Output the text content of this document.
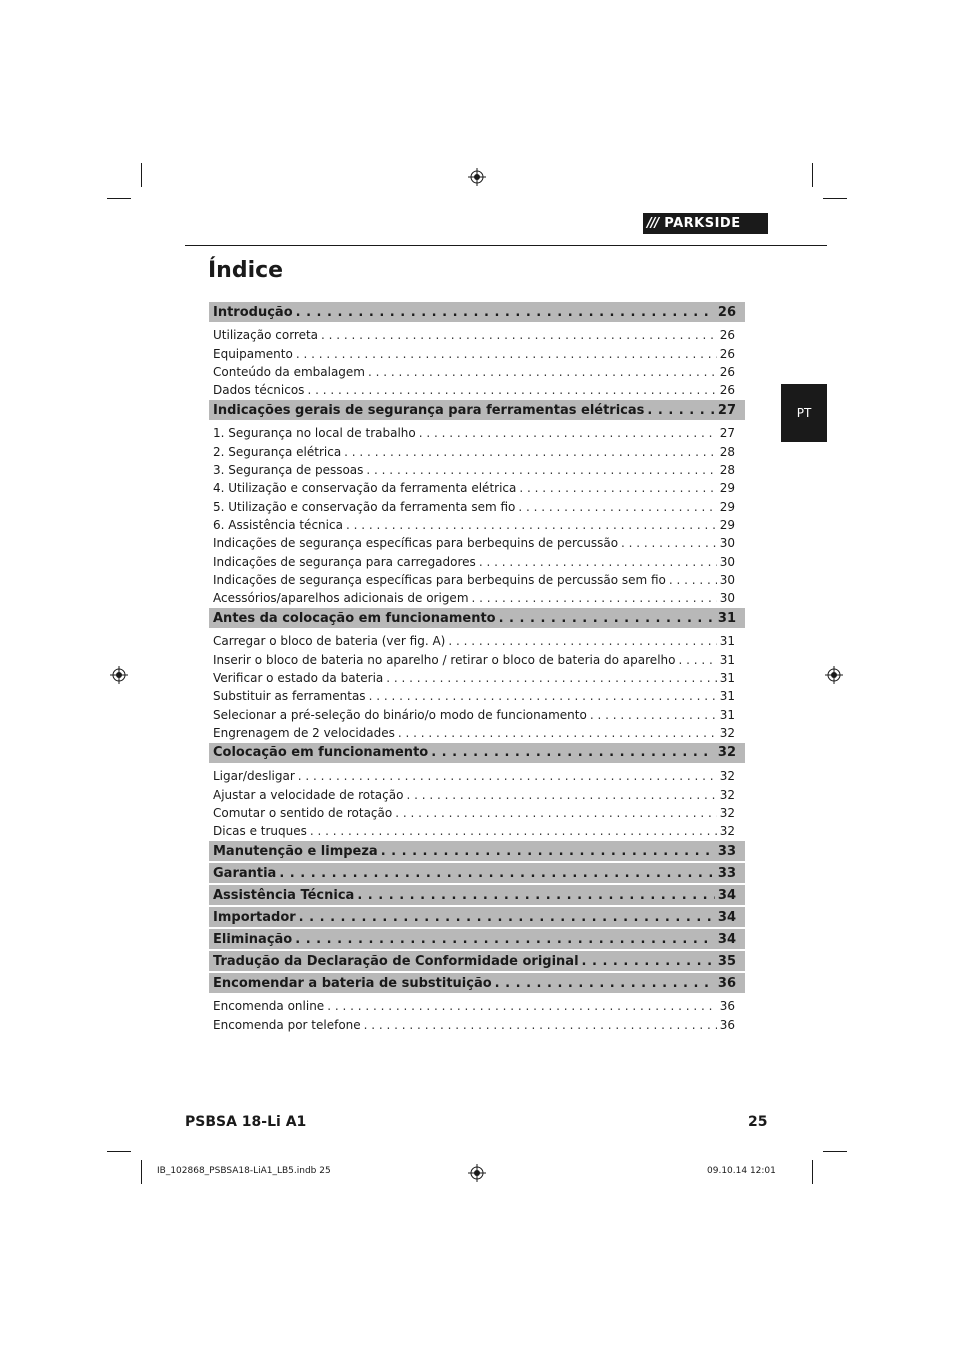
/// PARKSIDE
Índice
PT
Introdução . . .	26
Utilização correta . . .	26
Equipamento . . .	26
Conteúdo da embalagem . . .	26
Dados técnicos . . .	26
Indicações gerais de segurança para ferramentas elétricas . . .	27
1. Segurança no local de trabalho . . .	27
2. Segurança elétrica . . .	28
3. Segurança de pessoas . . .	28
4. Utilização e conservação da ferramenta elétrica . . .	29
5. Utilização e conservação da ferramenta sem fio . . .	29
6. Assistência técnica . . .	29
Indicações de segurança específicas para berbequins de percussão . . .	30
Indicações de segurança para carregadores . . .	30
Indicações de segurança específicas para berbequins de percussão sem fio . . .	30
Acessórios/aparelhos adicionais de origem . . .	30
Antes da colocação em funcionamento . . .	31
Carregar o bloco de bateria (ver fig. A) . . .	31
Inserir o bloco de bateria no aparelho / retirar o bloco de bateria do aparelho . . .	31
Verificar o estado da bateria . . .	31
Substituir as ferramentas . . .	31
Selecionar a pré-seleção do binário/o modo de funcionamento . . .	31
Engrenagem de 2 velocidades . . .	32
Colocação em funcionamento . . .	32
Ligar/desligar . . .	32
Ajustar a velocidade de rotação . . .	32
Comutar o sentido de rotação . . .	32
Dicas e truques . . .	32
Manutenção e limpeza . . .	33
Garantia . . .	33
Assistência Técnica . . .	34
Importador . . .	34
Eliminação . . .	34
Tradução da Declaração de Conformidade original . . .	35
Encomendar a bateria de substituição . . .	36
Encomenda online . . .	36
Encomenda por telefone . . .	36
PSBSA 18-Li A1	25
IB_102868_PSBSA18-LiA1_LB5.indb 25	09.10.14 12:01
